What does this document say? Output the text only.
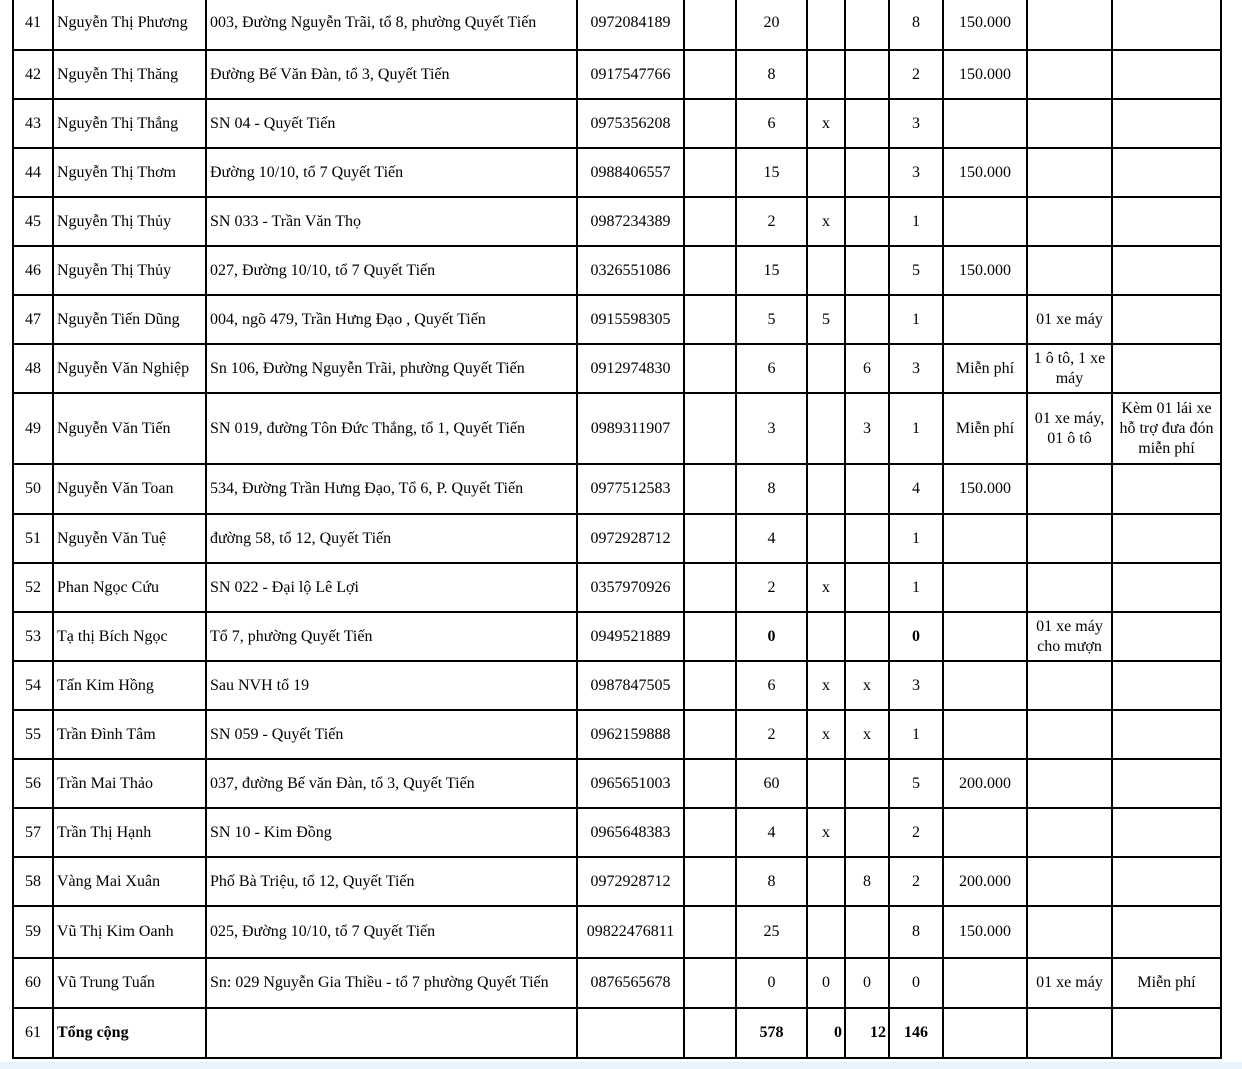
41	Nguyễn Thị Phương	003, Đường Nguyễn Trãi, tổ 8, phường Quyết Tiến	0972084189		20			8	150.000		
42	Nguyễn Thị Thăng	Đường Bế Văn Đàn, tổ 3, Quyết Tiến	0917547766		8			2	150.000		
43	Nguyễn Thị Thắng	SN 04 - Quyết Tiến	0975356208		6	x		3			
44	Nguyễn Thị Thơm	Đường 10/10, tổ 7 Quyết Tiến	0988406557		15			3	150.000		
45	Nguyễn Thị Thủy	SN 033 - Trần Văn Thọ	0987234389		2	x		1			
46	Nguyễn Thị Thủy	027, Đường 10/10, tổ 7 Quyết Tiến	0326551086		15			5	150.000		
47	Nguyễn Tiến Dũng	004, ngõ 479, Trần Hưng Đạo , Quyết Tiến	0915598305		5	5		1		01 xe máy	
48	Nguyễn Văn Nghiệp	Sn 106, Đường Nguyễn Trãi, phường Quyết Tiến	0912974830		6		6	3	Miễn phí	1 ô tô, 1 xe máy	
49	Nguyễn Văn Tiến	SN 019, đường Tôn Đức Thắng, tổ 1, Quyết Tiến	0989311907		3		3	1	Miễn phí	01 xe máy, 01 ô tô	Kèm 01 lái xe hỗ trợ đưa đón miễn phí
50	Nguyễn Văn Toan	534, Đường Trần Hưng Đạo, Tổ 6, P. Quyết Tiến	0977512583		8			4	150.000		
51	Nguyễn Văn Tuệ	đường 58, tổ 12, Quyết Tiến	0972928712		4			1			
52	Phan Ngọc Cứu	SN 022 - Đại lộ Lê Lợi	0357970926		2	x		1			
53	Tạ thị Bích Ngọc	Tổ 7, phường Quyết Tiến	0949521889		0			0		01 xe máy cho mượn	
54	Tấn Kim Hồng	Sau NVH tổ 19	0987847505		6	x	x	3			
55	Trần Đình Tâm	SN 059 - Quyết Tiến	0962159888		2	x	x	1			
56	Trần Mai Thảo	037, đường Bế văn Đàn, tổ 3, Quyết Tiến	0965651003		60			5	200.000		
57	Trần Thị Hạnh	SN 10 - Kim Đồng	0965648383		4	x		2			
58	Vàng Mai Xuân	Phố Bà Triệu, tổ 12, Quyết Tiến	0972928712		8		8	2	200.000		
59	Vũ Thị Kim Oanh	025, Đường 10/10, tổ 7 Quyết Tiến	09822476811		25			8	150.000		
60	Vũ Trung Tuấn	Sn: 029 Nguyễn Gia Thiều - tổ 7 phường Quyết Tiến	0876565678		0	0	0	0		01 xe máy	Miễn phí
61	Tổng cộng				578	0	12	146			
